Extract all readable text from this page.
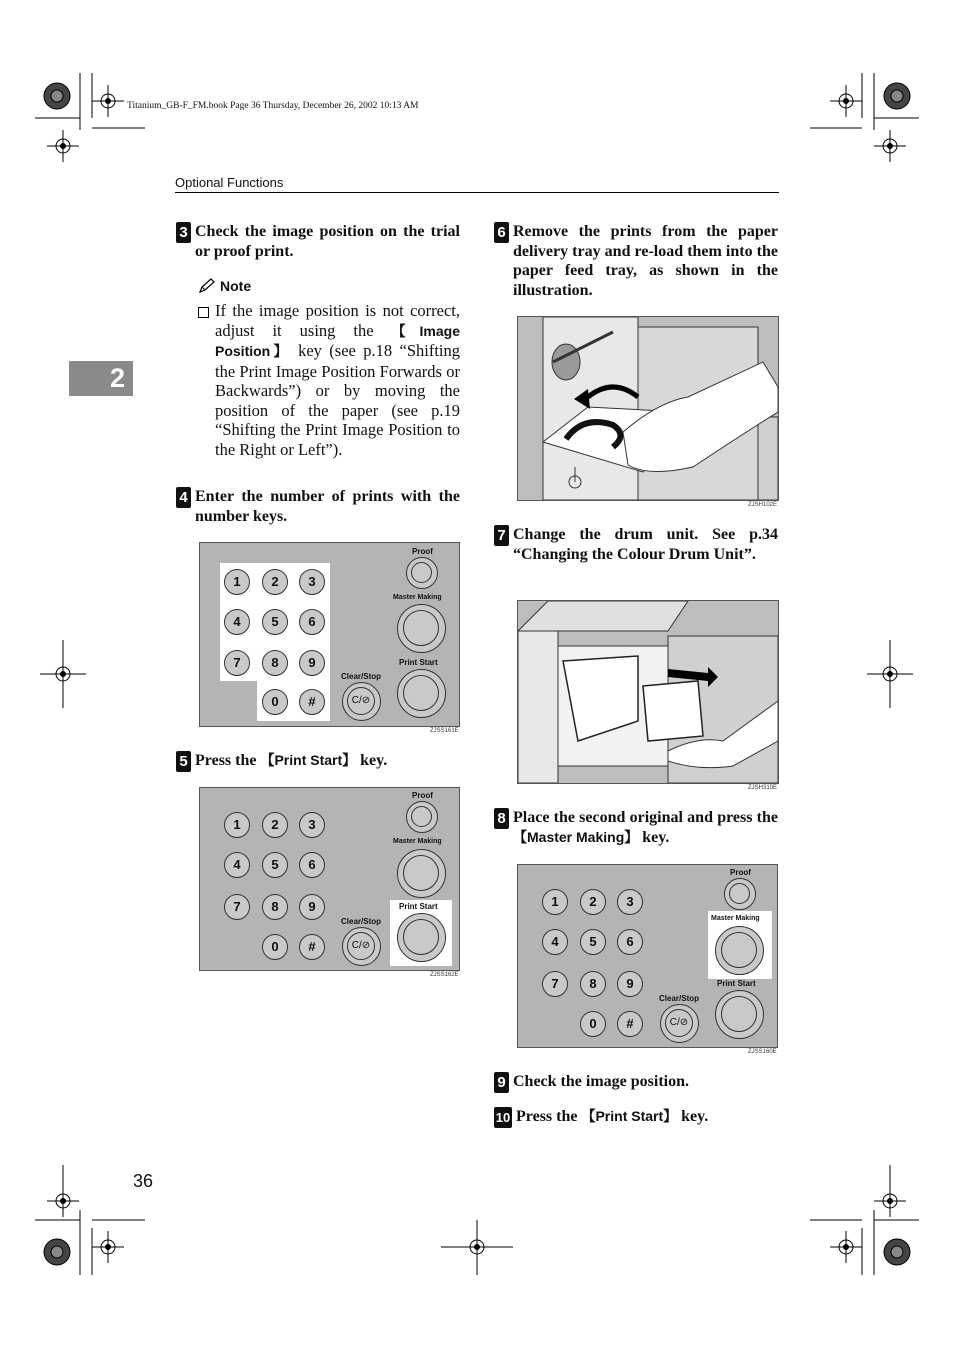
Titanium_GB-F_FM.book Page 36 Thursday, December 26, 2002 10:13 AM
Optional Functions
2
3 Check the image position on the trial or proof print.
Note
If the image position is not correct, adjust it using the 【Image Position】 key (see p.18 “Shifting the Print Image Position Forwards or Backwards”) or by moving the position of the paper (see p.19 “Shifting the Print Image Position to the Right or Left”).
4 Enter the number of prints with the number keys.
1	2	3
4	5	6
7	8	9
0	#
Proof
Master Making
Print Start
Clear/Stop
C/⊘
ZJSS161E
5 Press the 【Print Start】 key.
1	2	3
4	5	6
7	8	9
0	#
Proof
Master Making
Print Start
Clear/Stop
C/⊘
ZJSS162E
6 Remove the prints from the paper delivery tray and re-load them into the paper feed tray, as shown in the illustration.
ZJSH102E
7 Change the drum unit. See p.34 “Changing the Colour Drum Unit”.
ZJSH310E
8 Place the second original and press the 【Master Making】 key.
1	2	3
4	5	6
7	8	9
0	#
Proof
Master Making
Print Start
Clear/Stop
C/⊘
ZJSS160E
9 Check the image position.
10 Press the 【Print Start】 key.
36
